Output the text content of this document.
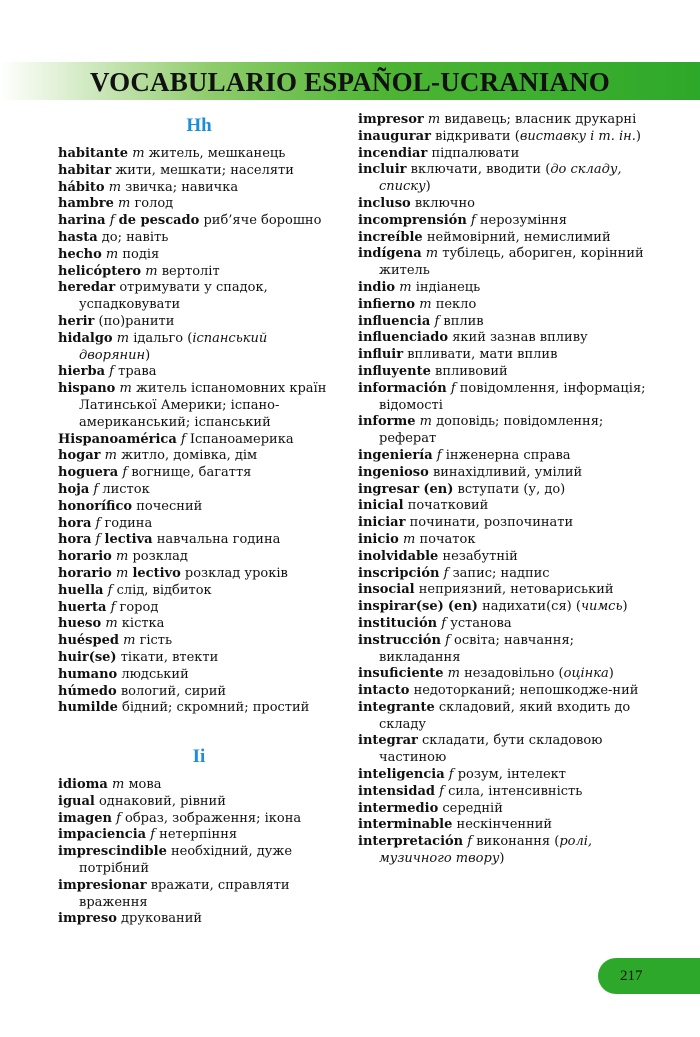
VOCABULARIO ESPAÑOL-UCRANIANO
Hh
habitante m житель, мешканець
habitar жити, мешкати; населяти
hábito m звичка; навичка
hambre m голод
harina f de pescado риб’яче борошно
hasta до; навіть
hecho m подія
helicóptero m вертоліт
heredar отримувати у спадок, успадковувати
herir (по)ранити
hidalgo m ідальго (іспанський дворянин)
hierba f трава
hispano m житель іспаномовних країн Латинської Америки; іспано-американський; іспанський
Hispanoamérica f Іспаноамерика
hogar m житло, домівка, дім
hoguera f вогнище, багаття
hoja f листок
honorífico почесний
hora f година
hora f lectiva навчальна година
horario m розклад
horario m lectivo розклад уроків
huella f слід, відбиток
huerta f город
hueso m кістка
huésped m гість
huir(se) тікати, втекти
humano людський
húmedo вологий, сирий
humilde бідний; скромний; простий
Ii
idioma m мова
igual однаковий, рівний
imagen f образ, зображення; ікона
impaciencia f нетерпіння
imprescindible необхідний, дуже потрібний
impresionar вражати, справляти враження
impreso друкований
impresor m видавець; власник друкарні
inaugurar відкривати (виставку і т. ін.)
incendiar підпалювати
incluir включати, вводити (до складу, списку)
incluso включно
incomprensión f нерозуміння
increíble неймовірний, немислимий
indígena m тубілець, абориген, корінний житель
indio m індіанець
infierno m пекло
influencia f вплив
influenciado який зазнав впливу
influir впливати, мати вплив
influyente впливовий
información f повідомлення, інформація; відомості
informe m доповідь; повідомлення; реферат
ingeniería f інженерна справа
ingenioso винахідливий, умілий
ingresar (en) вступати (у, до)
inicial початковий
iniciar починати, розпочинати
inicio m початок
inolvidable незабутній
inscripción f запис; надпис
insocial неприязний, нетовариський
inspirar(se) (en) надихати(ся) (чимсь)
institución f установа
instrucción f освіта; навчання; викладання
insuficiente m незадовільно (оцінка)
intacto недоторканий; непошкодже-ний
integrante складовий, який входить до складу
integrar складати, бути складовою частиною
inteligencia f розум, інтелект
intensidad f сила, інтенсивність
intermedio середній
interminable нескінченний
interpretación f виконання (ролі, музичного твору)
217
